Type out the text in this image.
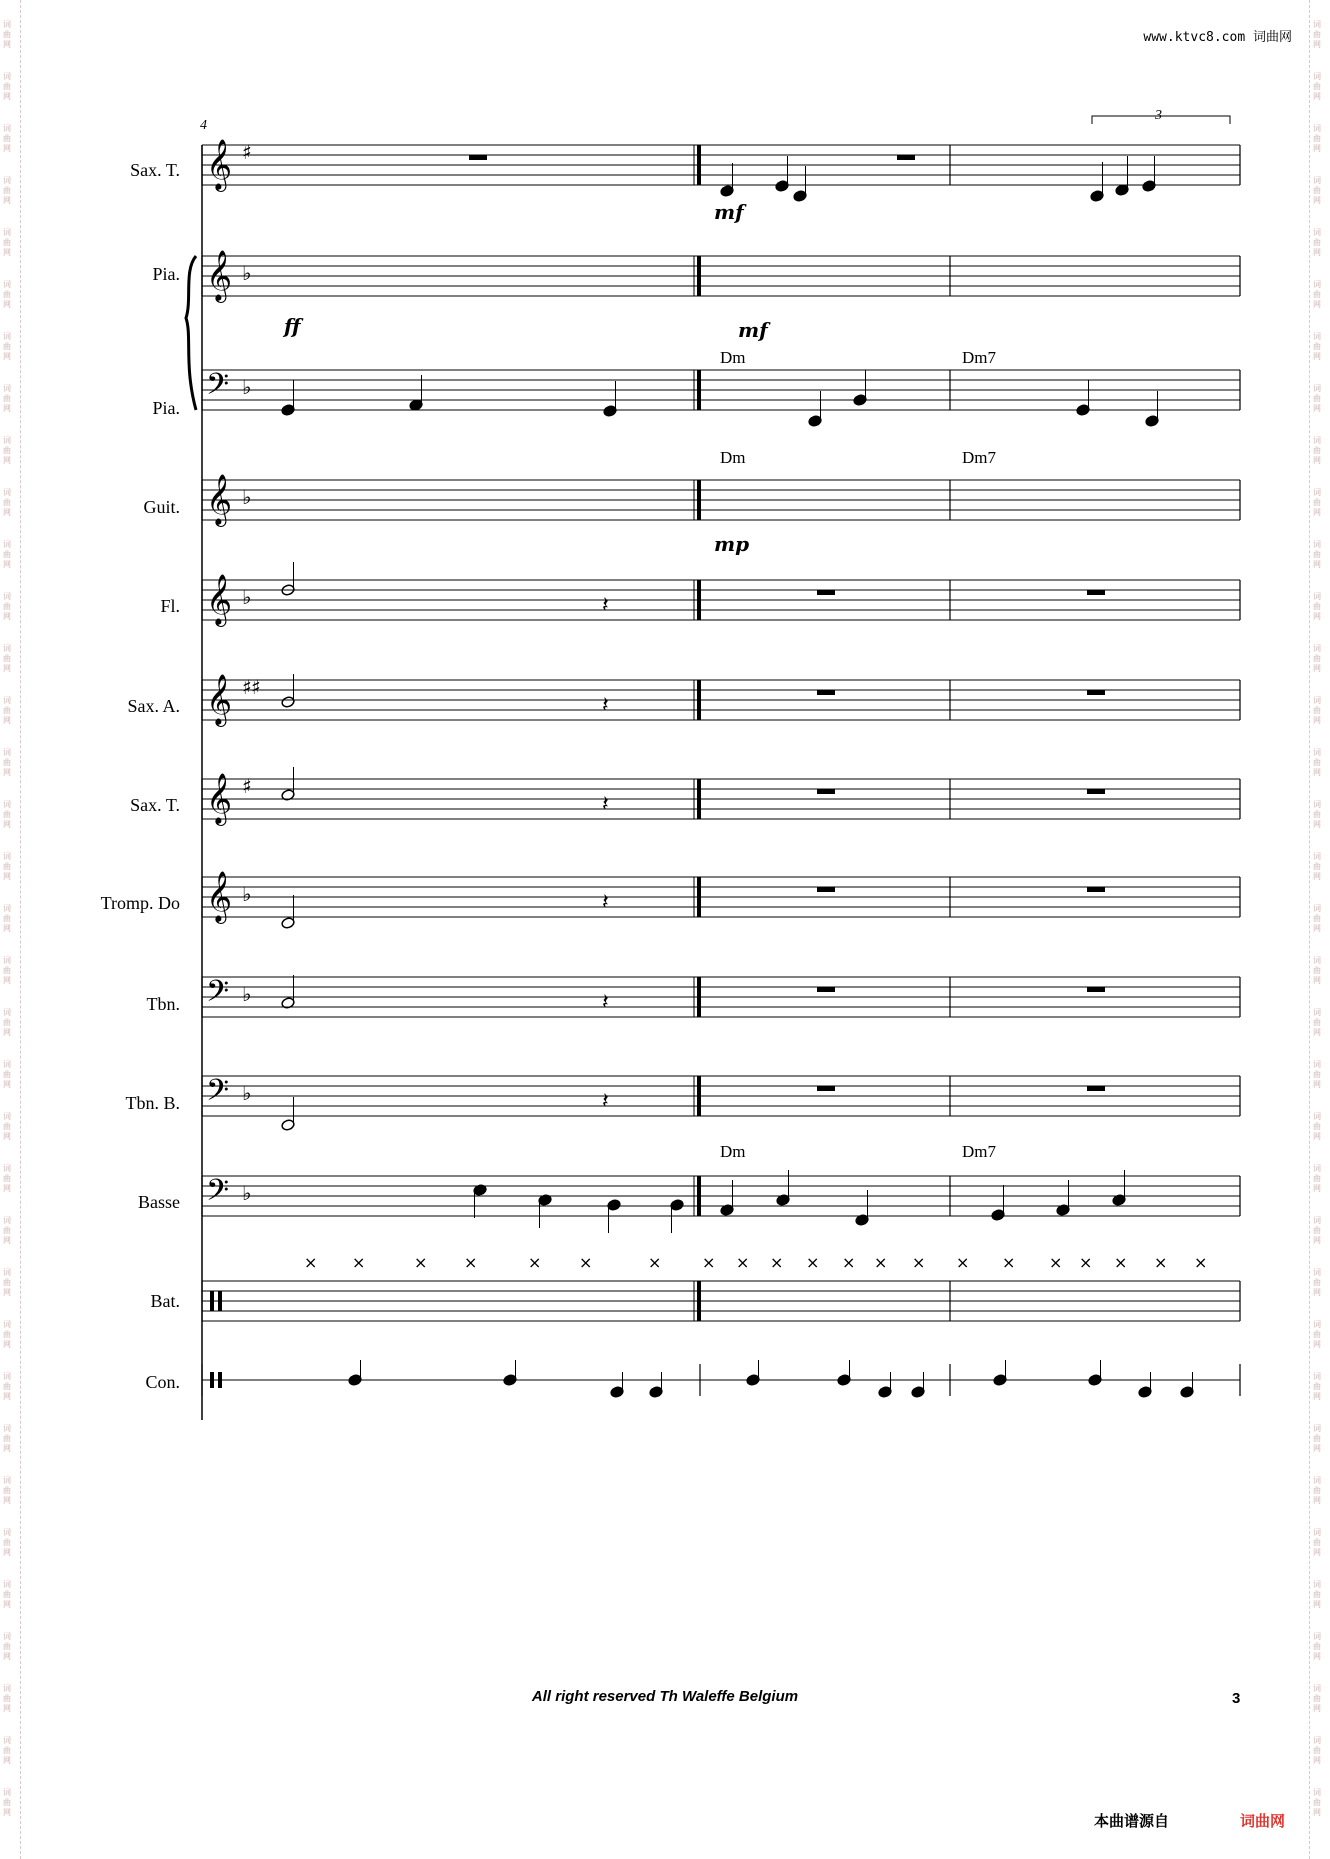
词
曲
网
词
曲
网
词
曲
网
词
曲
网
词
曲
网
词
曲
网
词
曲
网
词
曲
网
词
曲
网
词
曲
网
词
曲
网
词
曲
网
词
曲
网
词
曲
网
词
曲
网
词
曲
网
词
曲
网
词
曲
网
词
曲
网
词
曲
网
词
曲
网
词
曲
网
词
曲
网
词
曲
网
词
曲
网
词
曲
网
词
曲
网
词
曲
网
词
曲
网
词
曲
网
词
曲
网
词
曲
网
词
曲
网
词
曲
网
词
曲
网
词
曲
网
词
曲
网
词
曲
网
词
曲
网
词
曲
网
词
曲
网
词
曲
网
词
曲
网
词
曲
网
词
曲
网
词
曲
网
词
曲
网
词
曲
网
词
曲
网
词
曲
网
词
曲
网
词
曲
网
词
曲
网
词
曲
网
词
曲
网
词
曲
网
词
曲
网
词
曲
网
词
曲
网
词
曲
网
词
曲
网
词
曲
网
词
曲
网
词
曲
网
词
曲
网
词
曲
网
词
曲
网
词
曲
网
词
曲
网
词
曲
网
www.ktvc8.com 词曲网
Sax. T.
Pia.
Pia.
Guit.
Fl.
Sax. A.
Sax. T.
Tromp. Do
Tbn.
Tbn. B.
Basse
Bat.
Con.
4
3
Dm	Dm7
Dm	Dm7
Dm	Dm7
mf
ff	mf
mp
𝄞 ♯
𝄞 ♭
𝄢 ♭
𝄞 ♭
𝄞 ♭
𝄞 ♯ ♯
𝄞 ♯
𝄞 ♭
𝄢 ♭
𝄢 ♭
𝄢 ♭
𝄽
𝄽
𝄽
𝄽
𝄽
𝄽
× ×	× ×	× ×	×	× × × × × × × × × × × × × ×
All right reserved Th Waleffe Belgium	3
本曲谱源自	词曲网
